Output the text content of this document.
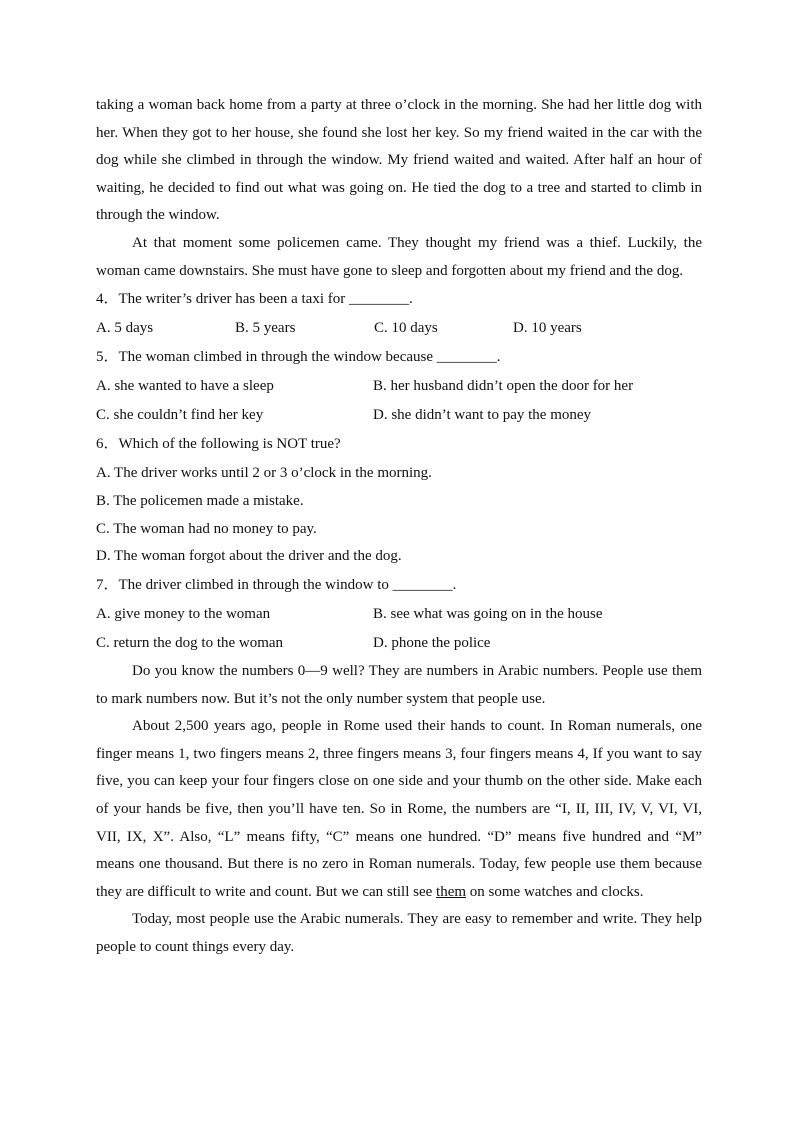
taking a woman back home from a party at three o’clock in the morning. She had her little dog with her. When they got to her house, she found she lost her key. So my friend waited in the car with the dog while she climbed in through the window. My friend waited and waited. After half an hour of waiting, he decided to find out what was going on. He tied the dog to a tree and started to climb in through the window.

At that moment some policemen came. They thought my friend was a thief. Luckily, the woman came downstairs. She must have gone to sleep and forgotten about my friend and the dog.

4．The writer’s driver has been a taxi for ________.
A. 5 days	B. 5 years	C. 10 days	D. 10 years
5．The woman climbed in through the window because ________.
A. she wanted to have a sleep	B. her husband didn’t open the door for her
C. she couldn’t find her key	D. she didn’t want to pay the money
6．Which of the following is NOT true?
A. The driver works until 2 or 3 o’clock in the morning.
B. The policemen made a mistake.
C. The woman had no money to pay.
D. The woman forgot about the driver and the dog.
7．The driver climbed in through the window to ________.
A. give money to the woman	B. see what was going on in the house
C. return the dog to the woman	D. phone the police

Do you know the numbers 0—9 well? They are numbers in Arabic numbers. People use them to mark numbers now. But it’s not the only number system that people use.

About 2,500 years ago, people in Rome used their hands to count. In Roman numerals, one finger means 1, two fingers means 2, three fingers means 3, four fingers means 4, If you want to say five, you can keep your four fingers close on one side and your thumb on the other side. Make each of your hands be five, then you’ll have ten. So in Rome, the numbers are “I, II, III, IV, V, VI, VI, VII, IX, X”. Also, “L” means fifty, “C” means one hundred. “D” means five hundred and “M” means one thousand. But there is no zero in Roman numerals. Today, few people use them because they are difficult to write and count. But we can still see them on some watches and clocks.

Today, most people use the Arabic numerals. They are easy to remember and write. They help people to count things every day.
